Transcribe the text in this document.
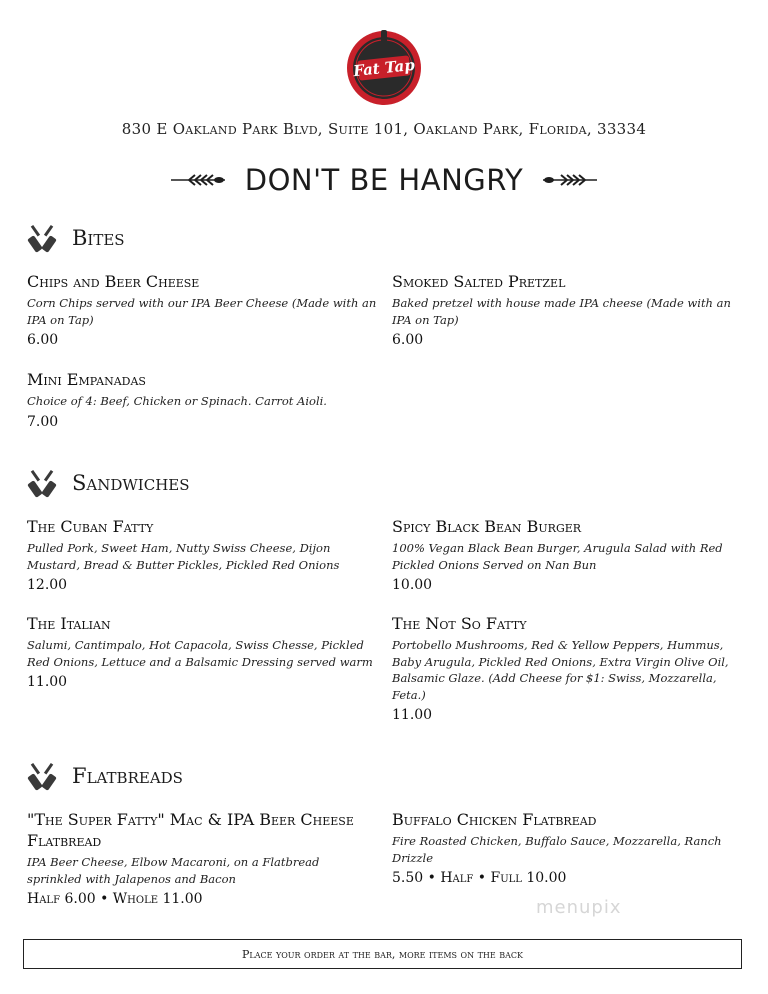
Fat Tap
830 E Oakland Park Blvd, Suite 101, Oakland Park, Florida, 33334
DON'T BE HANGRY
Bites
Chips and Beer Cheese
Corn Chips served with our IPA Beer Cheese (Made with an IPA on Tap)
6.00
Smoked Salted Pretzel
Baked pretzel with house made IPA cheese (Made with an IPA on Tap)
6.00
Mini Empanadas
Choice of 4: Beef, Chicken or Spinach. Carrot Aioli.
7.00
Sandwiches
The Cuban Fatty
Pulled Pork, Sweet Ham, Nutty Swiss Cheese, Dijon Mustard, Bread & Butter Pickles, Pickled Red Onions
12.00
Spicy Black Bean Burger
100% Vegan Black Bean Burger, Arugula Salad with Red Pickled Onions Served on Nan Bun
10.00
The Italian
Salumi, Cantimpalo, Hot Capacola, Swiss Chesse, Pickled Red Onions, Lettuce and a Balsamic Dressing served warm
11.00
The Not So Fatty
Portobello Mushrooms, Red & Yellow Peppers, Hummus, Baby Arugula, Pickled Red Onions, Extra Virgin Olive Oil, Balsamic Glaze. (Add Cheese for $1: Swiss, Mozzarella, Feta.)
11.00
Flatbreads
"The Super Fatty" Mac & IPA Beer Cheese Flatbread
IPA Beer Cheese, Elbow Macaroni, on a Flatbread sprinkled with Jalapenos and Bacon
Half 6.00 • Whole 11.00
Buffalo Chicken Flatbread
Fire Roasted Chicken, Buffalo Sauce, Mozzarella, Ranch Drizzle
5.50 • Half • Full 10.00
menupix
Place your order at the bar, more items on the back
